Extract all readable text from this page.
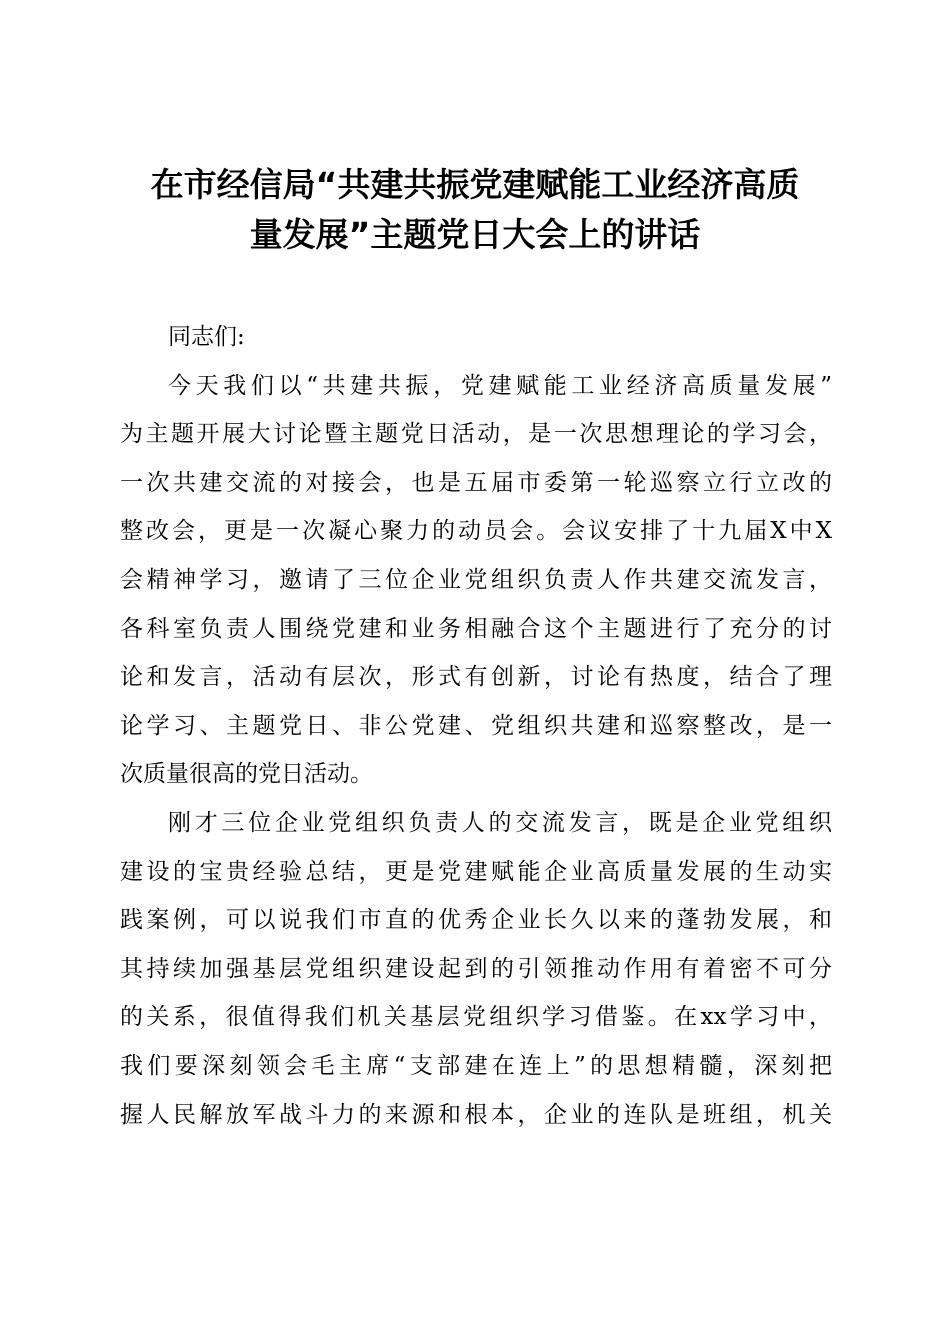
在市经信局“共建共振党建赋能工业经济高质
量发展”主题党日大会上的讲话
同志们:
今天我们以“共建共振，党建赋能工业经济高质量发展”
为主题开展大讨论暨主题党日活动，是一次思想理论的学习会，
一次共建交流的对接会，也是五届市委第一轮巡察立行立改的
整改会，更是一次凝心聚力的动员会。会议安排了十九届X中X
会精神学习，邀请了三位企业党组织负责人作共建交流发言，
各科室负责人围绕党建和业务相融合这个主题进行了充分的讨
论和发言，活动有层次，形式有创新，讨论有热度，结合了理
论学习、主题党日、非公党建、党组织共建和巡察整改，是一
次质量很高的党日活动。
刚才三位企业党组织负责人的交流发言，既是企业党组织
建设的宝贵经验总结，更是党建赋能企业高质量发展的生动实
践案例，可以说我们市直的优秀企业长久以来的蓬勃发展，和
其持续加强基层党组织建设起到的引领推动作用有着密不可分
的关系，很值得我们机关基层党组织学习借鉴。在xx学习中，
我们要深刻领会毛主席“支部建在连上”的思想精髓，深刻把
握人民解放军战斗力的来源和根本，企业的连队是班组，机关
